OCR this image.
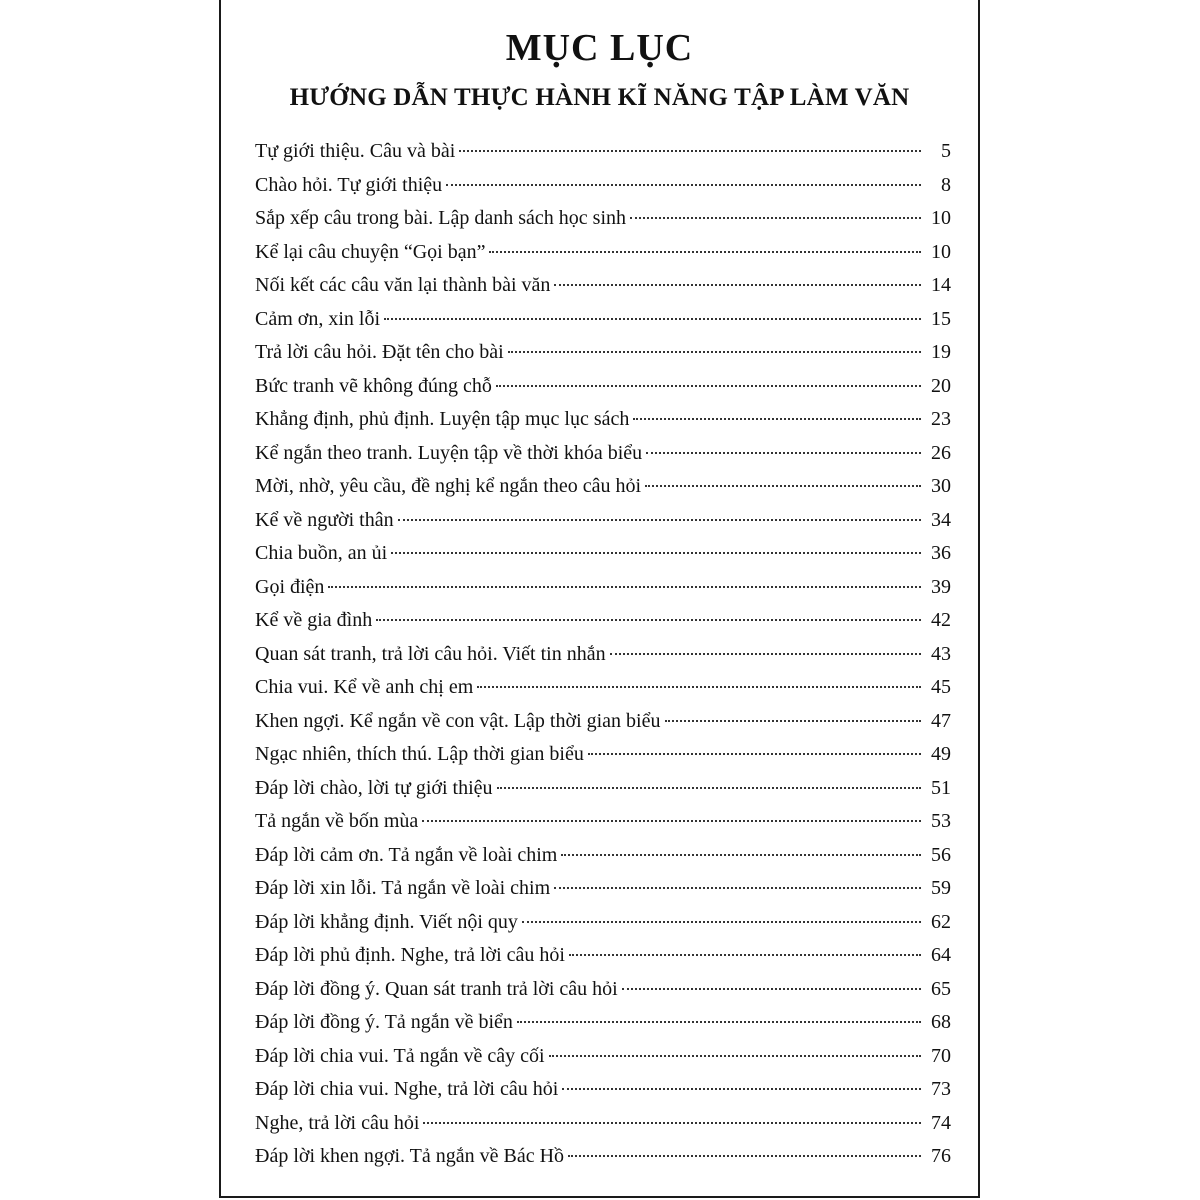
MỤC LỤC
HƯỚNG DẪN THỰC HÀNH KĨ NĂNG TẬP LÀM VĂN
Tự giới thiệu. Câu và bài	5
Chào hỏi. Tự giới thiệu	8
Sắp xếp câu trong bài. Lập danh sách học sinh	10
Kể lại câu chuyện “Gọi bạn”	10
Nối kết các câu văn lại thành bài văn	14
Cảm ơn, xin lỗi	15
Trả lời câu hỏi. Đặt tên cho bài	19
Bức tranh vẽ không đúng chỗ	20
Khẳng định, phủ định. Luyện tập mục lục sách	23
Kể ngắn theo tranh. Luyện tập về thời khóa biểu	26
Mời, nhờ, yêu cầu, đề nghị kể ngắn theo câu hỏi	30
Kể về người thân	34
Chia buồn, an ủi	36
Gọi điện	39
Kể về gia đình	42
Quan sát tranh, trả lời câu hỏi. Viết tin nhắn	43
Chia vui. Kể về anh chị em	45
Khen ngợi. Kể ngắn về con vật. Lập thời gian biểu	47
Ngạc nhiên, thích thú. Lập thời gian biểu	49
Đáp lời chào, lời tự giới thiệu	51
Tả ngắn về bốn mùa	53
Đáp lời cảm ơn. Tả ngắn về loài chim	56
Đáp lời xin lỗi. Tả ngắn về loài chim	59
Đáp lời khẳng định. Viết nội quy	62
Đáp lời phủ định. Nghe, trả lời câu hỏi	64
Đáp lời đồng ý. Quan sát tranh trả lời câu hỏi	65
Đáp lời đồng ý. Tả ngắn về biển	68
Đáp lời chia vui. Tả ngắn về cây cối	70
Đáp lời chia vui. Nghe, trả lời câu hỏi	73
Nghe, trả lời câu hỏi	74
Đáp lời khen ngợi. Tả ngắn về Bác Hồ	76
